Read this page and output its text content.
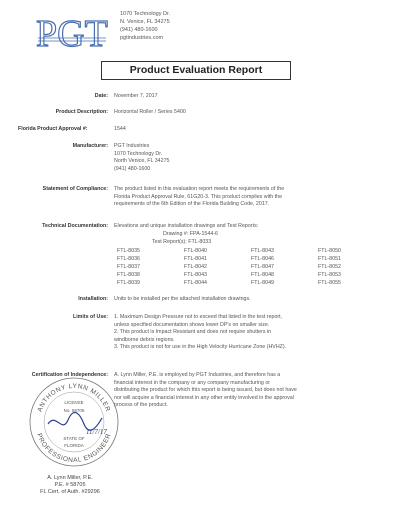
PGT 1070 Technology Dr.
N. Venice, FL 34275
(941) 480-1600
pgtindustries.com
Product Evaluation Report
Date: November 7, 2017
Product Description: Horizontal Roller / Series 5400
Florida Product Approval #:	1544
Manufacturer: PGT Industries
1070 Technology Dr.
North Venice, FL 34275
(941) 480-1600
Statement of Compliance: The product listed in this evaluation report meets the requirements of the
Florida Product Approval Rule, 61G20-3. This product complies with the
requirements of the 6th Edition of the Florida Building Code, 2017.
Technical Documentation: Elevations and unique installation drawings and Test Reports:
Drawing #: FPA-1544-6
Test Report(s): FTL-8033
FTL-8035	FTL-8040	FTL-8043	FTL-8050
FTL-8036	FTL-8041	FTL-8046	FTL-8051
FTL-8037	FTL-8042	FTL-8047	FTL-8052
FTL-8038	FTL-8043	FTL-8048	FTL-8053
FTL-8039	FTL-8044	FTL-8049	FTL-8055
Installation: Units to be installed per the attached installation drawings.
Limits of Use: 1. Maximum Design Pressure not to exceed that listed in the test report,

unless specified documentation shows lower DP's on smaller size.

2. This product is Impact Resistant and does not require shutters in

windborne debris regions.

3. This product is not for use in the High Velocity Hurricane Zone (HVHZ).

Certification of Independence: A. Lynn Miller, P.E. is employed by PGT Industries, and therefore has a

financial interest in the company or any company manufacturing or

distributing the product for which this report is being issued, but does not have

nor will acquire a financial interest in any other entity involved in the approval

process of the product.

ANTHONY LYNN MILLER
PROFESSIONAL ENGINEER
LICENSE
No. 58705
STATE OF
FLORIDA
11/7/17
A. Lynn Miller, P.E.
P.E. # 58705
FL Cert. of Auth. #29296
